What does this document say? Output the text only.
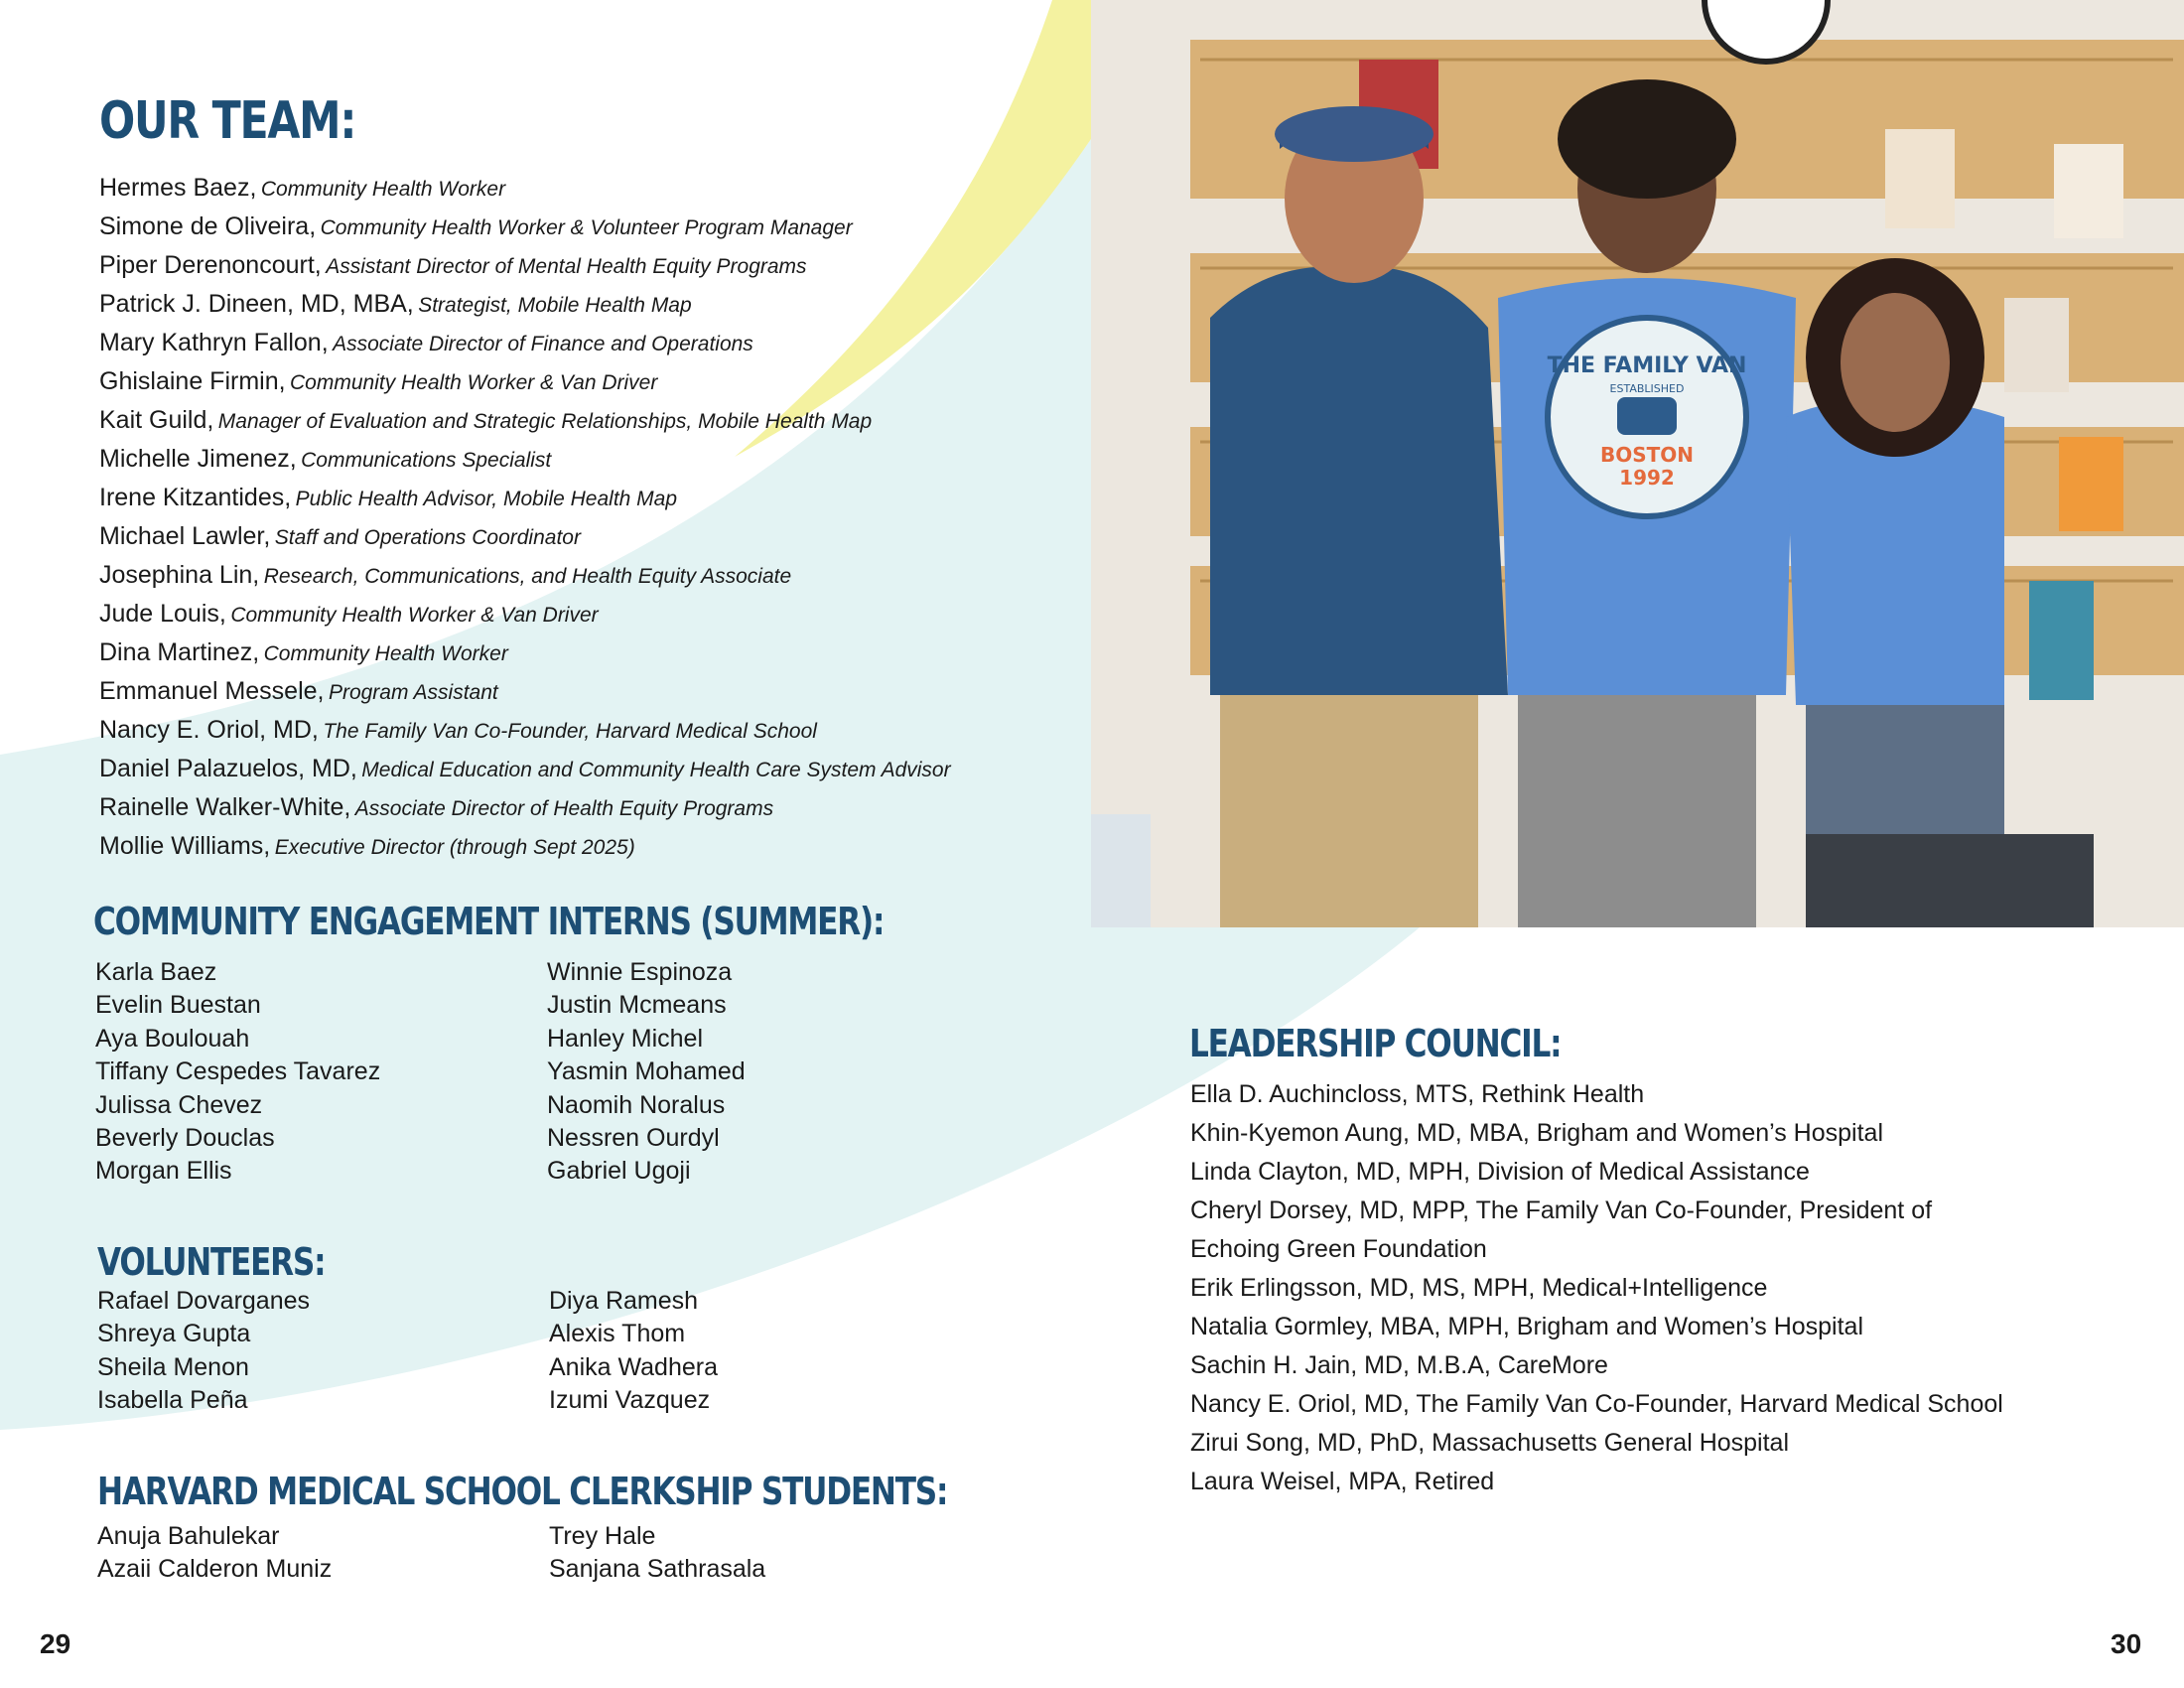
OUR TEAM:
Hermes Baez, Community Health Worker
Simone de Oliveira, Community Health Worker & Volunteer Program Manager
Piper Derenoncourt, Assistant Director of Mental Health Equity Programs
Patrick J. Dineen, MD, MBA, Strategist, Mobile Health Map
Mary Kathryn Fallon, Associate Director of Finance and Operations
Ghislaine Firmin, Community Health Worker & Van Driver
Kait Guild, Manager of Evaluation and Strategic Relationships, Mobile Health Map
Michelle Jimenez, Communications Specialist
Irene Kitzantides, Public Health Advisor, Mobile Health Map
Michael Lawler, Staff and Operations Coordinator
Josephina Lin, Research, Communications, and Health Equity Associate
Jude Louis, Community Health Worker & Van Driver
Dina Martinez, Community Health Worker
Emmanuel Messele, Program Assistant
Nancy E. Oriol, MD, The Family Van Co-Founder, Harvard Medical School
Daniel Palazuelos, MD, Medical Education and Community Health Care System Advisor
Rainelle Walker-White, Associate Director of Health Equity Programs
Mollie Williams, Executive Director (through Sept 2025)
COMMUNITY ENGAGEMENT INTERNS (SUMMER):
Karla Baez
Evelin Buestan
Aya Boulouah
Tiffany Cespedes Tavarez
Julissa Chevez
Beverly Douclas
Morgan Ellis
Winnie Espinoza
Justin Mcmeans
Hanley Michel
Yasmin Mohamed
Naomih Noralus
Nessren Ourdyl
Gabriel Ugoji
VOLUNTEERS:
Rafael Dovarganes
Shreya Gupta
Sheila Menon
Isabella Peña
Diya Ramesh
Alexis Thom
Anika Wadhera
Izumi Vazquez
HARVARD MEDICAL SCHOOL CLERKSHIP STUDENTS:
Anuja Bahulekar
Azaii Calderon Muniz
Trey Hale
Sanjana Sathrasala
29
THE FAMILY VAN
ESTABLISHED
BOSTON
1992
LEADERSHIP COUNCIL:
Ella D. Auchincloss, MTS, Rethink Health
Khin-Kyemon Aung, MD, MBA, Brigham and Women’s Hospital
Linda Clayton, MD, MPH, Division of Medical Assistance
Cheryl Dorsey, MD, MPP, The Family Van Co-Founder, President of
Echoing Green Foundation
Erik Erlingsson, MD, MS, MPH, Medical+Intelligence
Natalia Gormley, MBA, MPH, Brigham and Women’s Hospital
Sachin H. Jain, MD, M.B.A, CareMore
Nancy E. Oriol, MD, The Family Van Co-Founder, Harvard Medical School
Zirui Song, MD, PhD, Massachusetts General Hospital
Laura Weisel, MPA, Retired
30
